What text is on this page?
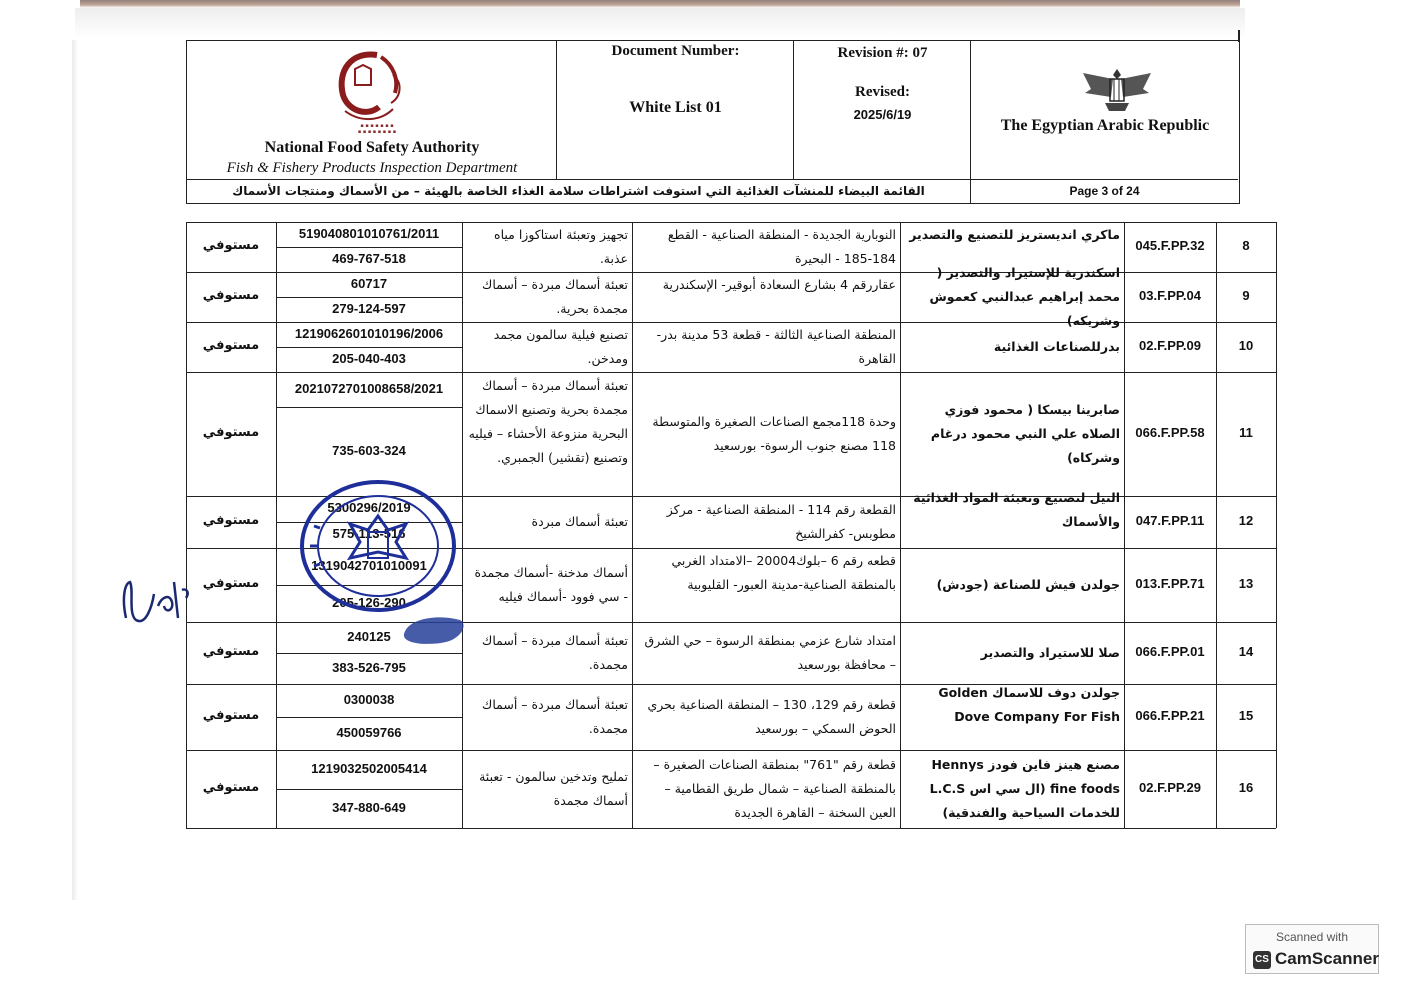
▪ ▪ ▪ ▪ ▪ ▪ ▪
▪ ▪ ▪ ▪ ▪ ▪ ▪ ▪
National Food Safety Authority
Fish & Fishery Products Inspection Department
Document Number:
White List 01
Revision #: 07
Revised:
2025/6/19
The Egyptian Arabic Republic
القائمة البيضاء للمنشآت الغذائية التي استوفت اشتراطات سلامة الغذاء الخاصة بالهيئة – من الأسماك ومنتجات الأسماك	Page 3 of 24
8
045.F.PP.32
ماكري انديستريز للتصنيع والتصدير
النوبارية الجديدة - المنطقة الصناعية - القطع 184-185 - البحيرة
تجهيز وتعبئة استاكوزا مياه عذبة.
519040801010761/2011
469-767-518
مستوفي
9
03.F.PP.04
اسكندرية للإستيراد والتصدير ( محمد إبراهيم عبدالنبي كعموش وشريكه)
عقاررقم 4 بشارع السعادة أبوقير- الإسكندرية
تعبئة أسماك مبردة – أسماك مجمدة بحرية.
60717
279-124-597
مستوفي
10
02.F.PP.09
بدرللصناعات الغذائية
المنطقة الصناعية الثالثة - قطعة 53 مدينة بدر-القاهرة
تصنيع فيلية سالمون مجمد ومدخن.
1219062601010196/2006
205-040-403
مستوفي
11
066.F.PP.58
صابرينا بيسكا ( محمود فوزي الصلاه علي النبي محمود درغام وشركاه)
وحدة 118مجمع الصناعات الصغيرة والمتوسطة 118 مصنع جنوب الرسوة- بورسعيد
تعبئة أسماك مبردة – أسماك مجمدة بحرية وتصنيع الاسماك البحرية منزوعة الأحشاء – فيليه وتصنيع (تقشير) الجمبري.
2021072701008658/2021
735-603-324
مستوفي
12
047.F.PP.11
النيل لتصنيع وتعبئة المواد الغذائية والأسماك
القطعة رقم 114 - المنطقة الصناعية - مركز مطوبس- كفرالشيخ
تعبئة أسماك مبردة
5300296/2019
575-113-516
مستوفي
13
013.F.PP.71
جولدن فيش للصناعة (جودش)
قطعه رقم 6 –بلوك20004 –الامتداد الغربي بالمنطقة الصناعية-مدينة العبور- القليوبية
أسماك مدخنة -أسماك مجمدة - سي فوود -أسماك فيليه
1319042701010091
205-126-290
مستوفي
14
066.F.PP.01
صلا للاستيراد والتصدير
امتداد شارع عزمي بمنطقة الرسوة – حي الشرق – محافظة بورسعيد
تعبئة أسماك مبردة – أسماك مجمدة.
240125
383-526-795
مستوفي
15
066.F.PP.21
جولدن دوف للاسماك Golden Dove Company For Fish
قطعة رقم 129، 130 – المنطقة الصناعية بحري الحوض السمكي – بورسعيد
تعبئة أسماك مبردة – أسماك مجمدة.
0300038
450059766
مستوفي
16
02.F.PP.29
مصنع هينز فاين فودز Hennys fine foods (ال سي اس L.C.S للخدمات السياحية والفندقية)
قطعة رقم "761" بمنطقة الصناعات الصغيرة – بالمنطقة الصناعية – شمال طريق القطامية – العين السخنة – القاهرة الجديدة
تمليح وتدخين سالمون - تعبئة أسماك مجمدة
1219032502005414
347-880-649
مستوفي
Scanned with
CS CamScanner
